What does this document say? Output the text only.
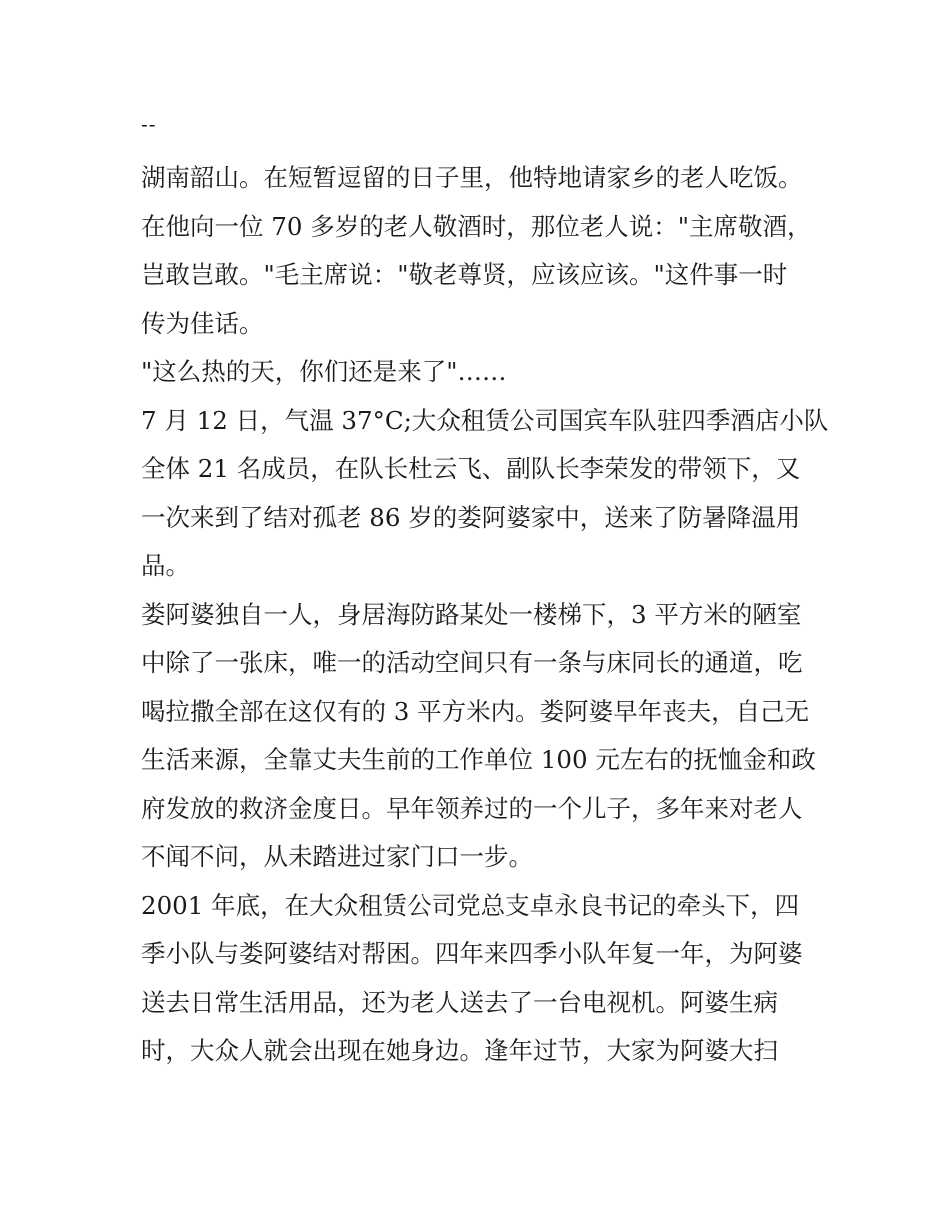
--
湖南韶山。在短暂逗留的日子里，他特地请家乡的老人吃饭。
在他向一位 70 多岁的老人敬酒时，那位老人说："主席敬酒，
岂敢岂敢。"毛主席说："敬老尊贤，应该应该。"这件事一时
传为佳话。
"这么热的天，你们还是来了"……
7 月 12 日，气温 37°C;大众租赁公司国宾车队驻四季酒店小队
全体 21 名成员，在队长杜云飞、副队长李荣发的带领下，又
一次来到了结对孤老 86 岁的娄阿婆家中，送来了防暑降温用
品。
娄阿婆独自一人，身居海防路某处一楼梯下，3 平方米的陋室
中除了一张床，唯一的活动空间只有一条与床同长的通道，吃
喝拉撒全部在这仅有的 3 平方米内。娄阿婆早年丧夫，自己无
生活来源，全靠丈夫生前的工作单位 100 元左右的抚恤金和政
府发放的救济金度日。早年领养过的一个儿子，多年来对老人
不闻不问，从未踏进过家门口一步。
2001 年底，在大众租赁公司党总支卓永良书记的牵头下，四
季小队与娄阿婆结对帮困。四年来四季小队年复一年，为阿婆
送去日常生活用品，还为老人送去了一台电视机。阿婆生病
时，大众人就会出现在她身边。逢年过节，大家为阿婆大扫
